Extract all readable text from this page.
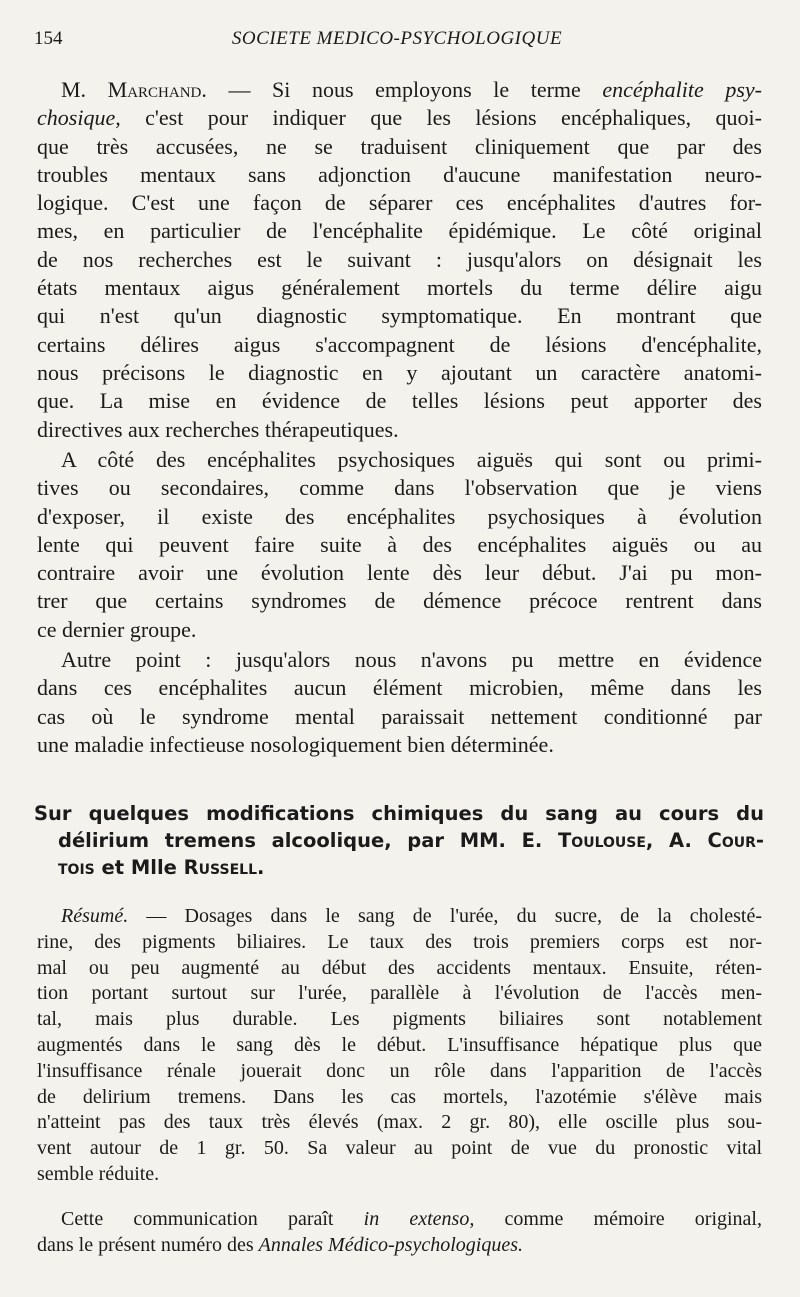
154	SOCIETE MEDICO-PSYCHOLOGIQUE

M. Marchand. — Si nous employons le terme encéphalite psy-
chosique, c'est pour indiquer que les lésions encéphaliques, quoi-
que très accusées, ne se traduisent cliniquement que par des
troubles mentaux sans adjonction d'aucune manifestation neuro-
logique. C'est une façon de séparer ces encéphalites d'autres for-
mes, en particulier de l'encéphalite épidémique. Le côté original
de nos recherches est le suivant : jusqu'alors on désignait les
états mentaux aigus généralement mortels du terme délire aigu
qui n'est qu'un diagnostic symptomatique. En montrant que
certains délires aigus s'accompagnent de lésions d'encéphalite,
nous précisons le diagnostic en y ajoutant un caractère anatomi-
que. La mise en évidence de telles lésions peut apporter des
directives aux recherches thérapeutiques.

A côté des encéphalites psychosiques aiguës qui sont ou primi-
tives ou secondaires, comme dans l'observation que je viens
d'exposer, il existe des encéphalites psychosiques à évolution
lente qui peuvent faire suite à des encéphalites aiguës ou au
contraire avoir une évolution lente dès leur début. J'ai pu mon-
trer que certains syndromes de démence précoce rentrent dans
ce dernier groupe.

Autre point : jusqu'alors nous n'avons pu mettre en évidence
dans ces encéphalites aucun élément microbien, même dans les
cas où le syndrome mental paraissait nettement conditionné par
une maladie infectieuse nosologiquement bien déterminée.

Sur quelques modifications chimiques du sang au cours du
délirium tremens alcoolique, par MM. E. Toulouse, A. Cour-
tois et Mlle Russell.

Résumé. — Dosages dans le sang de l'urée, du sucre, de la cholesté-
rine, des pigments biliaires. Le taux des trois premiers corps est nor-
mal ou peu augmenté au début des accidents mentaux. Ensuite, réten-
tion portant surtout sur l'urée, parallèle à l'évolution de l'accès men-
tal, mais plus durable. Les pigments biliaires sont notablement
augmentés dans le sang dès le début. L'insuffisance hépatique plus que
l'insuffisance rénale jouerait donc un rôle dans l'apparition de l'accès
de delirium tremens. Dans les cas mortels, l'azotémie s'élève mais
n'atteint pas des taux très élevés (max. 2 gr. 80), elle oscille plus sou-
vent autour de 1 gr. 50. Sa valeur au point de vue du pronostic vital
semble réduite.

Cette communication paraît in extenso, comme mémoire original,
dans le présent numéro des Annales Médico-psychologiques.
